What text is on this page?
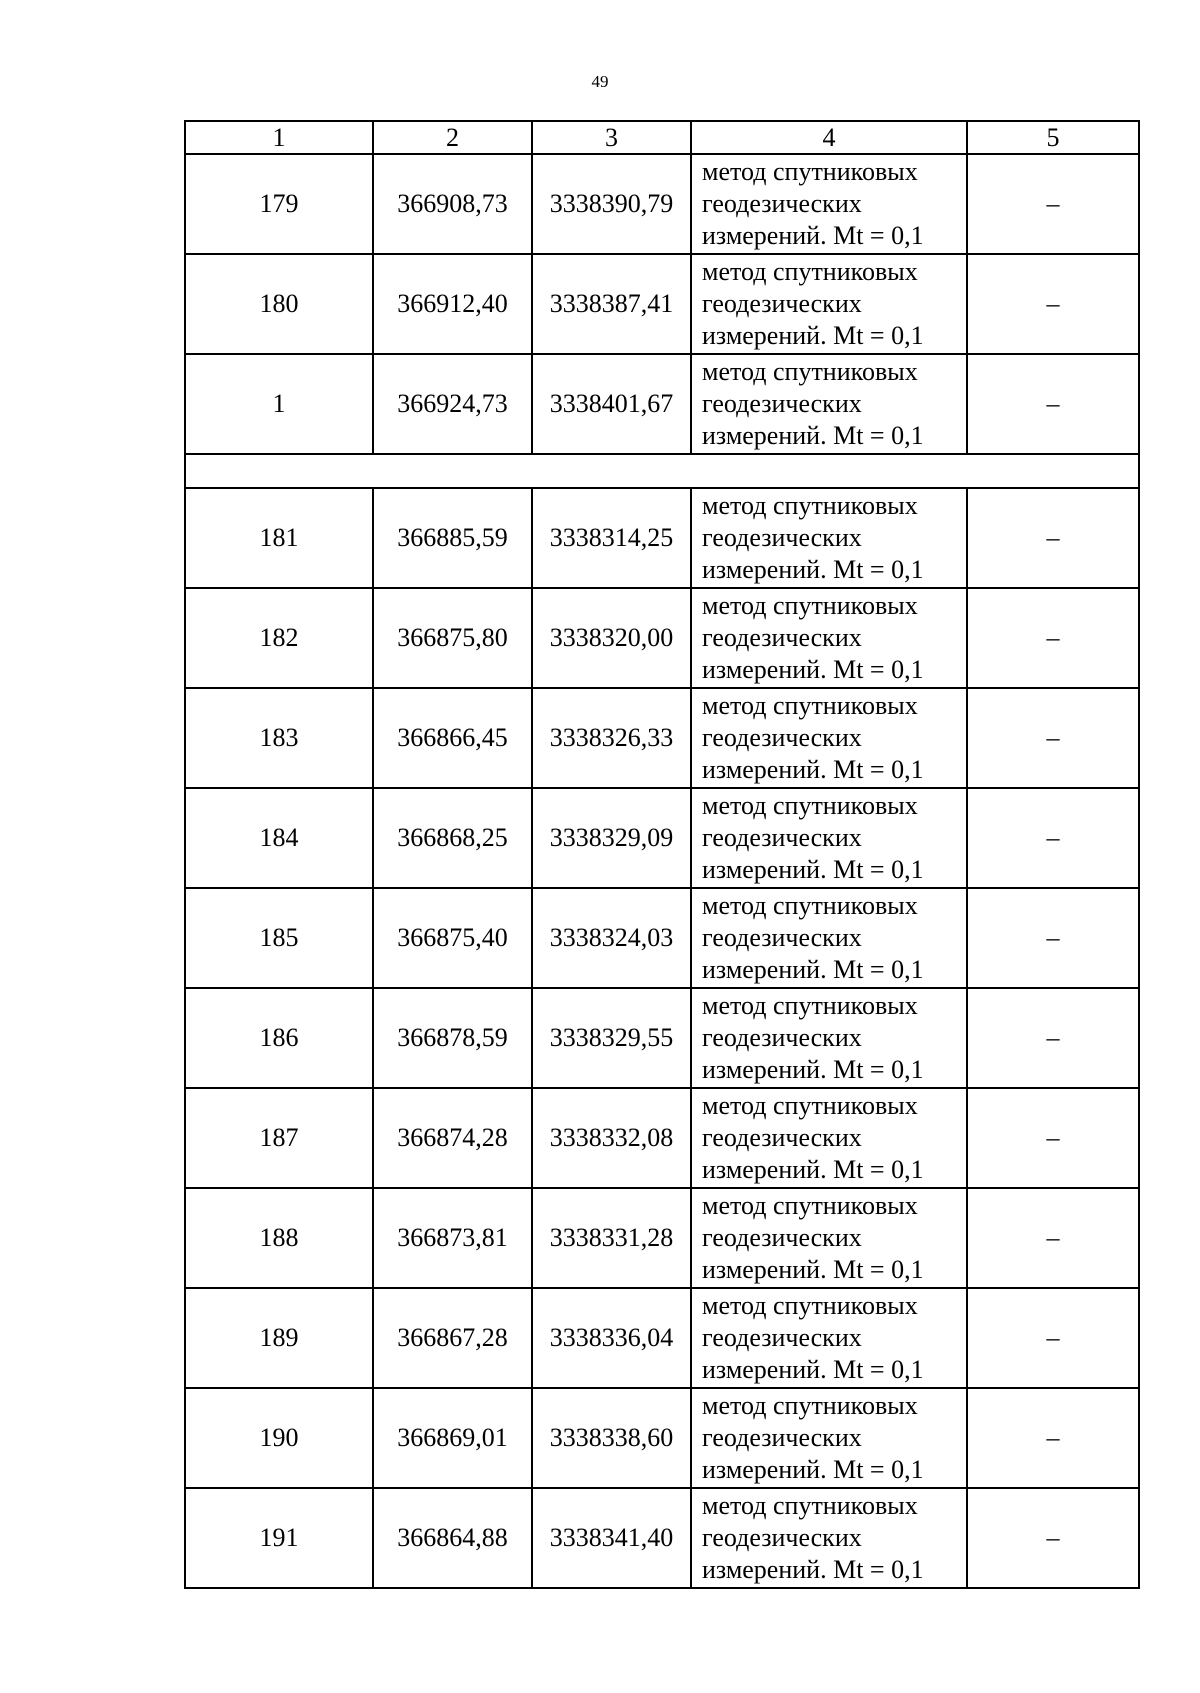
49
1	2	3	4	5
179	366908,73	3338390,79	метод спутниковых
геодезических
измерений. Mt = 0,1	–
180	366912,40	3338387,41	метод спутниковых
геодезических
измерений. Mt = 0,1	–
1	366924,73	3338401,67	метод спутниковых
геодезических
измерений. Mt = 0,1	–

181	366885,59	3338314,25	метод спутниковых
геодезических
измерений. Mt = 0,1	–
182	366875,80	3338320,00	метод спутниковых
геодезических
измерений. Mt = 0,1	–
183	366866,45	3338326,33	метод спутниковых
геодезических
измерений. Mt = 0,1	–
184	366868,25	3338329,09	метод спутниковых
геодезических
измерений. Mt = 0,1	–
185	366875,40	3338324,03	метод спутниковых
геодезических
измерений. Mt = 0,1	–
186	366878,59	3338329,55	метод спутниковых
геодезических
измерений. Mt = 0,1	–
187	366874,28	3338332,08	метод спутниковых
геодезических
измерений. Mt = 0,1	–
188	366873,81	3338331,28	метод спутниковых
геодезических
измерений. Mt = 0,1	–
189	366867,28	3338336,04	метод спутниковых
геодезических
измерений. Mt = 0,1	–
190	366869,01	3338338,60	метод спутниковых
геодезических
измерений. Mt = 0,1	–
191	366864,88	3338341,40	метод спутниковых
геодезических
измерений. Mt = 0,1	–
